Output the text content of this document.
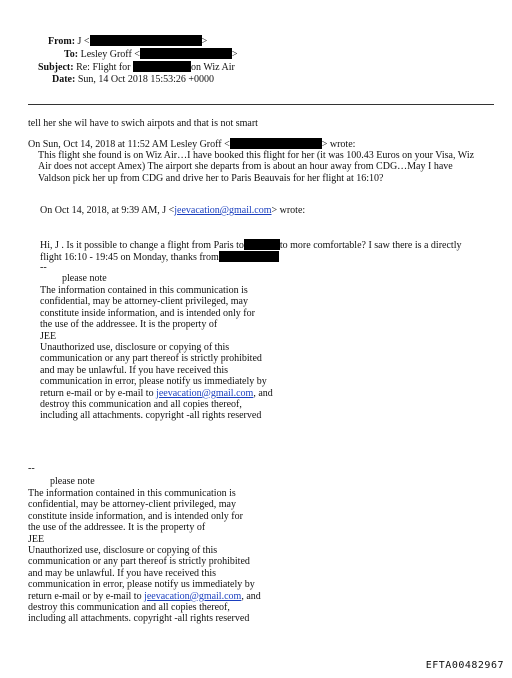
From: J <	>
To: Lesley Groff <	>
Subject: Re: Flight for	on Wiz Air
Date: Sun, 14 Oct 2018 15:53:26 +0000
tell her she wil have to swich airpots and that is not smart
On Sun, Oct 14, 2018 at 11:52 AM Lesley Groff <	> wrote:
This flight she found is on Wiz Air…I have booked this flight for her (it was 100.43 Euros on your Visa, Wiz
Air does not accept Amex) The airport she departs from is about an hour away from CDG…May I have
Valdson pick her up from CDG and drive her to Paris Beauvais for her flight at 16:10?
On Oct 14, 2018, at 9:39 AM, J <jeevacation@gmail.com> wrote:
Hi, J . Is it possible to change a flight from Paris to	to more comfortable? I saw there is a directly
flight 16:10 - 19:45 on Monday, thanks from
--
please note
The information contained in this communication is
confidential, may be attorney-client privileged, may
constitute inside information, and is intended only for
the use of the addressee. It is the property of
JEE
Unauthorized use, disclosure or copying of this
communication or any part thereof is strictly prohibited
and may be unlawful. If you have received this
communication in error, please notify us immediately by
return e-mail or by e-mail to jeevacation@gmail.com, and
destroy this communication and all copies thereof,
including all attachments. copyright -all rights reserved
--
please note
The information contained in this communication is
confidential, may be attorney-client privileged, may
constitute inside information, and is intended only for
the use of the addressee. It is the property of
JEE
Unauthorized use, disclosure or copying of this
communication or any part thereof is strictly prohibited
and may be unlawful. If you have received this
communication in error, please notify us immediately by
return e-mail or by e-mail to jeevacation@gmail.com, and
destroy this communication and all copies thereof,
including all attachments. copyright -all rights reserved
EFTA00482967
